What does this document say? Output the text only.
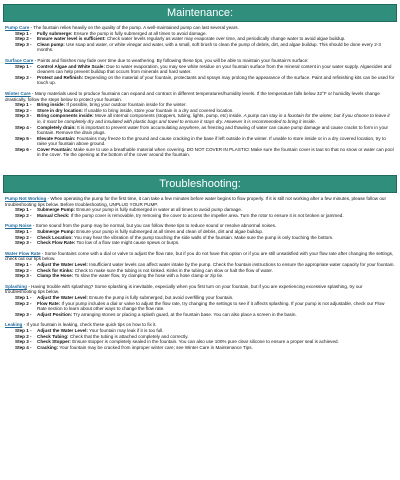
Maintenance:

Pump Care - The fountain relies heavily on the quality of the pump. A well-maintained pump can last several years.

Step 1 -	Fully submerge: Ensure the pump is fully submerged at all times to avoid damage.
Step 2 -	Ensure water level is sufficient: Check water levels regularly as water may evaporate over time, and periodically change water to avoid algae buildup.
Step 3 -	Clean pump: Use soap and water, or white vinegar and water, with a small, soft brush to clean the pump of debris, dirt, and algae buildup. This should be done every 2-3 months.

Surface Care - Paints and finishes may fade over time due to weathering. By following these tips, you will be able to maintain your fountain's surface:

Step 1 -	Control Algae and White Scale: Due to water evaporation, you may see white residue on your fountain surface from the mineral content in your water supply. Algaecides and cleaners can help prevent buildup that occurs from minerals and hard water.
Step 2 -	Protect and Refinish: Depending on the material of your fountain, protectants and sprays may prolong the appearance of the surface. Paint and refinishing kits can be used for touch up.

Winter Care - Many materials used to produce fountains can expand and contract in different temperatures/humidity levels. If the temperature falls below 32°F or humidity levels change drastically, follow the steps below to protect your fountain.

Step 1 -	Bring inside: If possible, bring your outdoor fountain inside for the winter.
Step 2 -	Store in dry location: If unable to bring inside, store your fountain in a dry and covered location.
Step 3 -	Bring components inside: Move all internal components (stoppers, tubing, lights, pump, etc) inside. A pump can stay in a fountain for the winter, but if you choose to leave it in, it must be completely dry and insulated with plastic bags and towel to ensure it stays dry. However it is recommended to bring it inside.
Step 4 -	Completely drain: It is important to prevent water from accumulating anywhere, as freezing and thawing of water can cause pump damage and cause cracks to form in your fountain. Remove the drain plugs.
Step 5 -	Elevate Fountain: Fountains may freeze to the ground and cause cracking in the base if left outside in the winter. If unable to store inside or in a dry covered location, try to raise your fountain above ground.
Step 6 -	Cover Fountain: Make sure to use a breathable material when covering. DO NOT COVER IN PLASTIC! Make sure the fountain cover is taut so that no snow or water can pool in the cover. Tie the opening at the bottom of the cover around the fountain.
Troubleshooting:

Pump Not Working - When operating the pump for the first time, it can take a few minutes before water begins to flow properly. If it is still not working after a few minutes, please follow our troubleshooting tips below. Before troubleshooting, UNPLUG YOUR PUMP.

Step 1 -	Submerge Pump: Ensure your pump is fully submerged in water at all times to avoid pump damage.
Step 2 -	Manual Check: If the pump cover is removable, try removing the cover to access the impeller area. Turn the rotor to ensure it is not broken or jammed.

Pump Noise - Some sound from the pump may be normal, but you can follow these tips to reduce sound or resolve abnormal noises.

Step 1 -	Submerge Pump: Ensure your pump is fully submerged at all times and clean of debris, dirt and algae buildup.
Step 2 -	Check Location: You may hear the vibration of the pump touching the side walls of the fountain. Make sure the pump is only touching the bottom.
Step 3 -	Check Flow Rate: Too low of a flow rate might cause spews or burps.

Water Flow Rate - Some fountains come with a dial or valve to adjust the flow rate, but if you do not have this option or if you are still unsatisfied with your flow rate after changing the settings, check out our tips below.

Step 1 -	Adjust the Water Level: Insufficient water levels can affect water intake by the pump. Check the fountain instructions to ensure the appropriate water capacity for your fountain.
Step 2 -	Check for Kinks: Check to make sure the tubing is not kinked. Kinks in the tubing can slow or halt the flow of water.
Step 3 -	Clamp the Hose: To slow the water flow, try clamping the hose with a hose clamp or zip tie.

Splashing - Having trouble with splashing? Some splashing is inevitable, especially when you first turn on your fountain, but if you are experiencing excessive splashing, try our troubleshooting tips below.

Step 1 -	Adjust the Water Level: Ensure the pump is fully submerged, but avoid overfilling your fountain.
Step 2 -	Flow Rate: If your pump includes a dial or valve to adjust the flow rate, try changing the settings to see if it affects splashing. If your pump is not adjustable, check our Flow Rate section to learn about other ways to change the flow rate.
Step 3 -	Adjust Position: Try arranging stones or placing a splash guard, at the fountain base. You can also place a screen in the basin.

Leaking - If your fountain is leaking, check these quick tips on how to fix it.

Step 1 -	Adjust the Water Level: Your fountain may leak if it is too full.
Step 2 -	Check Tubing: Check that the tubing is attached completely and correctly.
Step 3 -	Check Stopper: Ensure stopper is completely sealed in the fountain. You can also use 100% pure clear silicone to ensure a proper seal is achieved.
Step 4 -	Cracking: Your fountain may be cracked from improper winter care; see Winter Care in Maintenance Tips.
